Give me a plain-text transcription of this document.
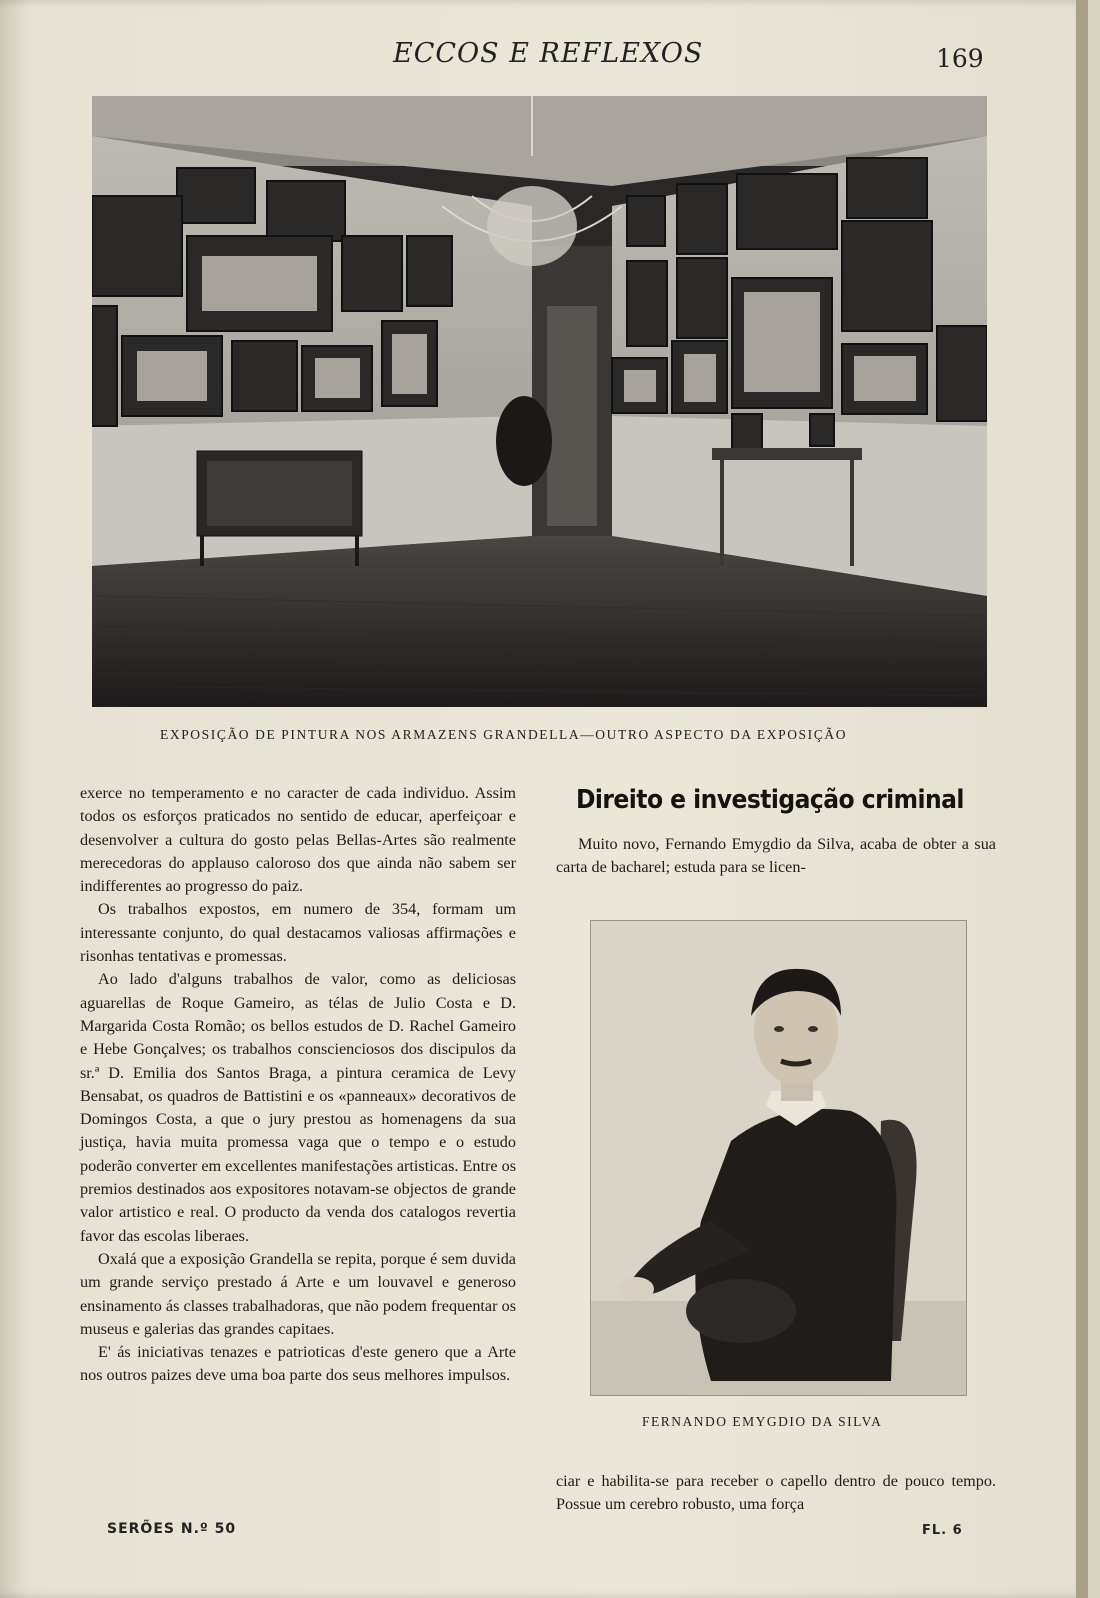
ECCOS E REFLEXOS	169
EXPOSIÇÃO DE PINTURA NOS ARMAZENS GRANDELLA—OUTRO ASPECTO DA EXPOSIÇÃO

exerce no temperamento e no caracter de cada individuo. Assim todos os esforços praticados no sentido de educar, aperfeiçoar e desenvolver a cultura do gosto pelas Bellas-Artes são realmente merecedoras do applauso caloroso dos que ainda não sabem ser indifferentes ao progresso do paiz.

Os trabalhos expostos, em numero de 354, formam um interessante conjunto, do qual destacamos valiosas affirmações e risonhas tentativas e promessas.

Ao lado d'alguns trabalhos de valor, como as deliciosas aguarellas de Roque Gameiro, as télas de Julio Costa e D. Margarida Costa Romão; os bellos estudos de D. Rachel Gameiro e Hebe Gonçalves; os trabalhos conscienciosos dos discipulos da sr.ª D. Emilia dos Santos Braga, a pintura ceramica de Levy Bensabat, os quadros de Battistini e os «panneaux» decorativos de Domingos Costa, a que o jury prestou as homenagens da sua justiça, havia muita promessa vaga que o tempo e o estudo poderão converter em excellentes manifestações artisticas. Entre os premios destinados aos expositores notavam-se objectos de grande valor artistico e real. O producto da venda dos catalogos revertia favor das escolas liberaes.

Oxalá que a exposição Grandella se repita, porque é sem duvida um grande serviço prestado á Arte e um louvavel e generoso ensinamento ás classes trabalhadoras, que não podem frequentar os museus e galerias das grandes capitaes.

E' ás iniciativas tenazes e patrioticas d'este genero que a Arte nos outros paizes deve uma boa parte dos seus melhores impulsos.

Direito e investigação criminal

Muito novo, Fernando Emygdio da Silva, acaba de obter a sua carta de bacharel; estuda para se licen-

FERNANDO EMYGDIO DA SILVA

ciar e habilita-se para receber o capello dentro de pouco tempo. Possue um cerebro robusto, uma força

SERÕES N.º 50	FL. 6
